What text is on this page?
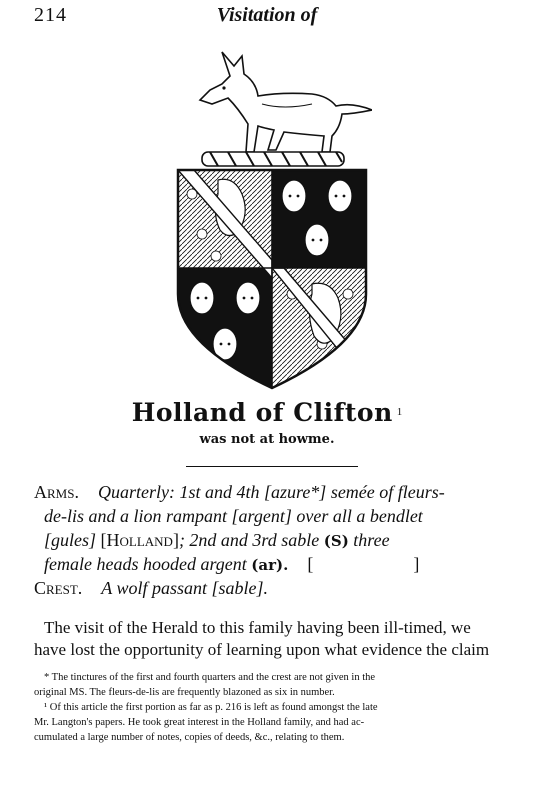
214	Visitation of
Holland of Clifton $^1$
was not at howme.
Arms. Quarterly: 1st and 4th [azure*] semée of fleurs-
de-lis and a lion rampant [argent] over all a bendlet
[gules] [Holland]; 2nd and 3rd sable (S) three
female heads hooded argent (ar). [	]
Crest. A wolf passant [sable].
The visit of the Herald to this family having been ill-timed, we
have lost the opportunity of learning upon what evidence the claim
* The tinctures of the first and fourth quarters and the crest are not given in the
original MS. The fleurs-de-lis are frequently blazoned as six in number.
¹ Of this article the first portion as far as p. 216 is left as found amongst the late
Mr. Langton's papers. He took great interest in the Holland family, and had ac-
cumulated a large number of notes, copies of deeds, &c., relating to them.
